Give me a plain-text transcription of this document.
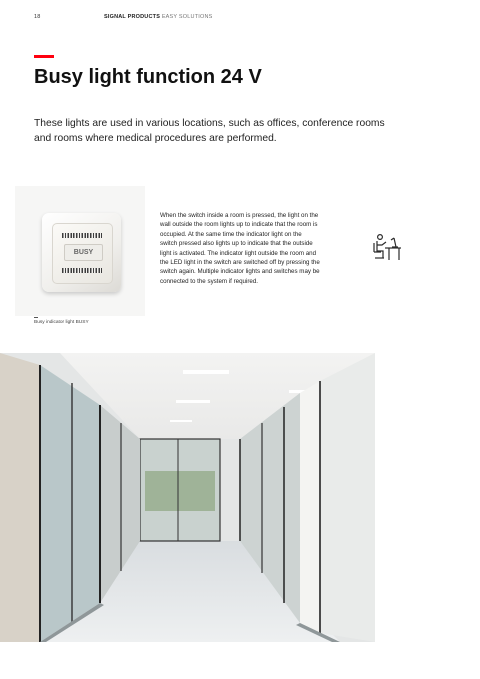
18	SIGNAL PRODUCTS EASY SOLUTIONS
Busy light function 24 V

These lights are used in various locations, such as offices, conference rooms and rooms where medical procedures are performed.

BUSY
Busy indicator light BUSY

When the switch inside a room is pressed, the light on the wall outside the room lights up to indicate that the room is occupied. At the same time the indicator light on the switch pressed also lights up to indicate that the outside light is activated. The indicator light outside the room and the LED light in the switch are switched off by pressing the switch again. Multiple indicator lights and switches may be connected to the system if required.
